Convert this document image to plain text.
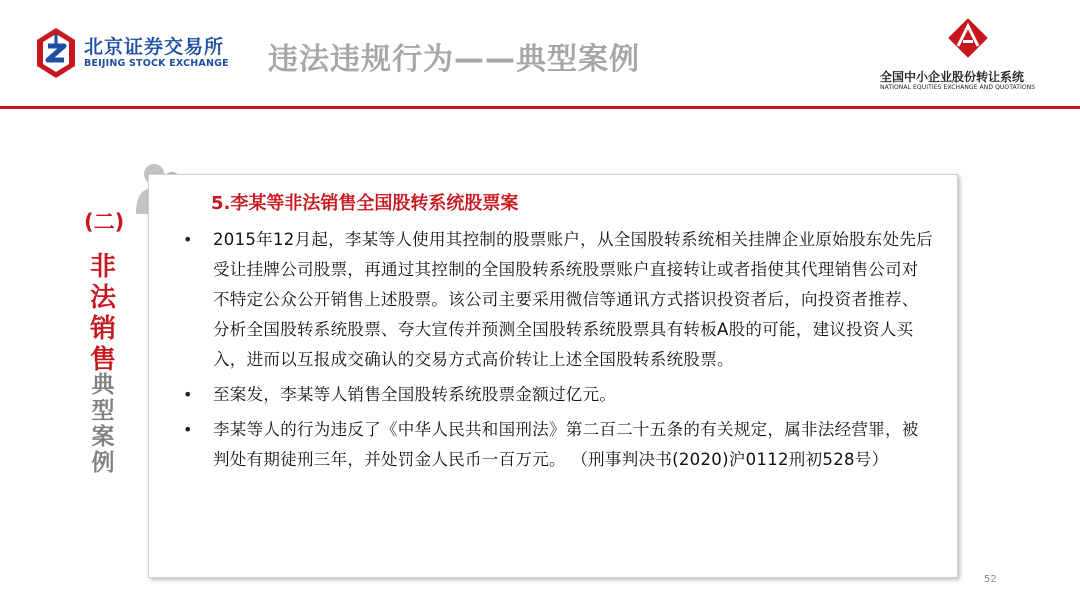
北京证券交易所
BEIJING STOCK EXCHANGE 违法违规行为——典型案例	全国中小企业股份转让系统
NATIONAL EQUITIES EXCHANGE AND QUOTATIONS
(二)
非法销售
典型案例
5.李某等非法销售全国股转系统股票案
• 2015年12月起，李某等人使用其控制的股票账户，从全国股转系统相关挂牌企业原始股东处先后受让挂牌公司股票，再通过其控制的全国股转系统股票账户直接转让或者指使其代理销售公司对不特定公众公开销售上述股票。该公司主要采用微信等通讯方式搭识投资者后，向投资者推荐、分析全国股转系统股票、夸大宣传并预测全国股转系统股票具有转板A股的可能，建议投资人买入，进而以互报成交确认的交易方式高价转让上述全国股转系统股票。
• 至案发，李某等人销售全国股转系统股票金额过亿元。
• 李某等人的行为违反了《中华人民共和国刑法》第二百二十五条的有关规定，属非法经营罪，被判处有期徒刑三年，并处罚金人民币一百万元。 （刑事判决书(2020)沪0112刑初528号）
52
